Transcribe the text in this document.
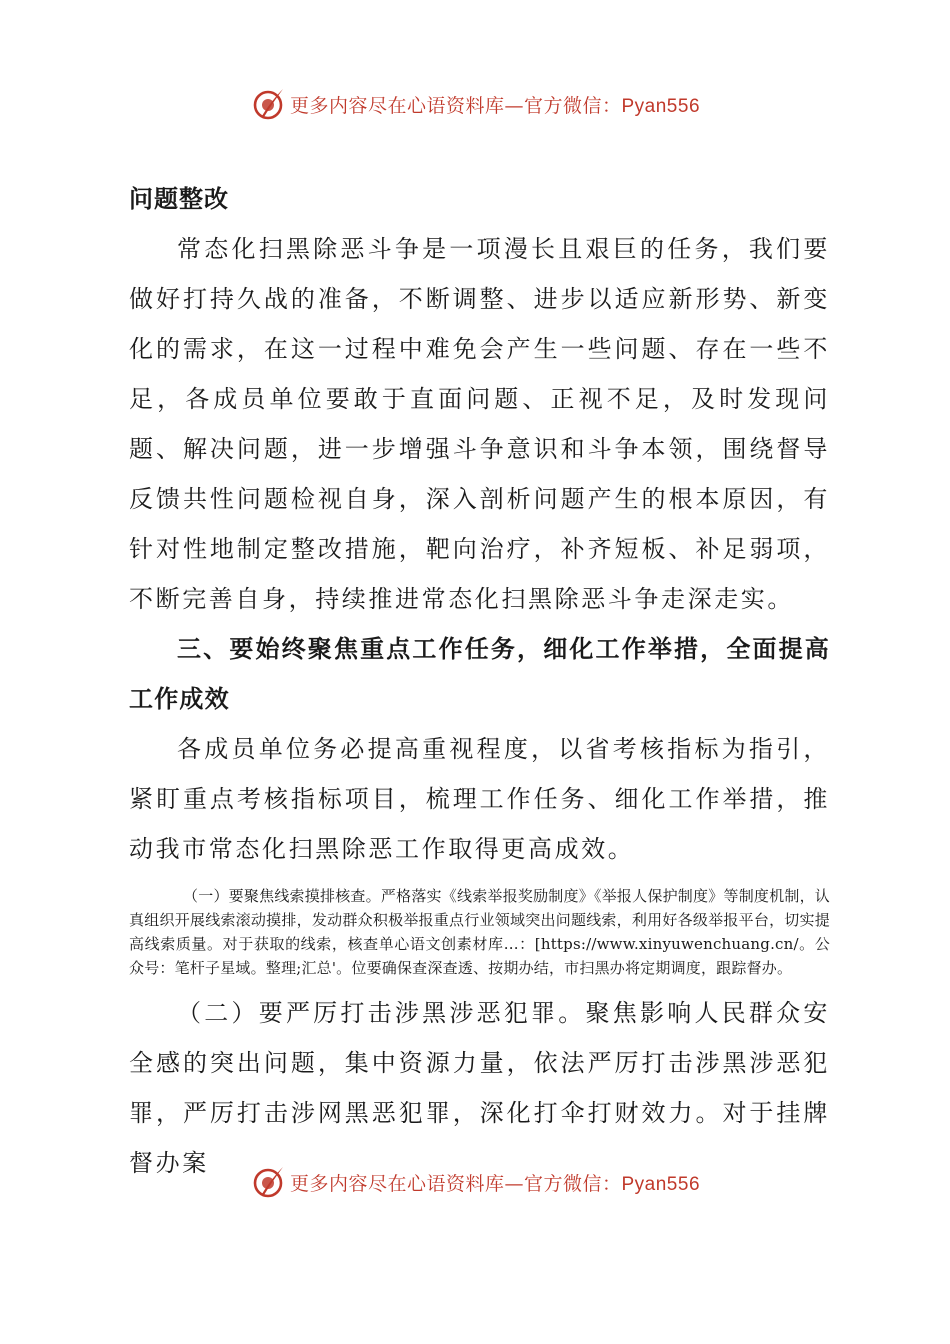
更多内容尽在心语资料库—官方微信：Pyan556
问题整改

常态化扫黑除恶斗争是一项漫长且艰巨的任务，我们要做好打持久战的准备，不断调整、进步以适应新形势、新变化的需求，在这一过程中难免会产生一些问题、存在一些不足，各成员单位要敢于直面问题、正视不足，及时发现问题、解决问题，进一步增强斗争意识和斗争本领，围绕督导反馈共性问题检视自身，深入剖析问题产生的根本原因，有针对性地制定整改措施，靶向治疗，补齐短板、补足弱项，不断完善自身，持续推进常态化扫黑除恶斗争走深走实。

三、要始终聚焦重点工作任务，细化工作举措，全面提高工作成效

各成员单位务必提高重视程度，以省考核指标为指引，紧盯重点考核指标项目，梳理工作任务、细化工作举措，推动我市常态化扫黑除恶工作取得更高成效。

（一）要聚焦线索摸排核查。严格落实《线索举报奖励制度》《举报人保护制度》等制度机制，认真组织开展线索滚动摸排，发动群众积极举报重点行业领域突出问题线索，利用好各级举报平台，切实提高线索质量。对于获取的线索，核查单心语文创素材库…：[https://www.xinyuwenchuang.cn/。公众号：笔杆子星域。整理;汇总'。位要确保查深查透、按期办结，市扫黑办将定期调度，跟踪督办。

（二）要严厉打击涉黑涉恶犯罪。聚焦影响人民群众安全感的突出问题，集中资源力量，依法严厉打击涉黑涉恶犯罪，严厉打击涉网黑恶犯罪，深化打伞打财效力。对于挂牌督办案

更多内容尽在心语资料库—官方微信：Pyan556
